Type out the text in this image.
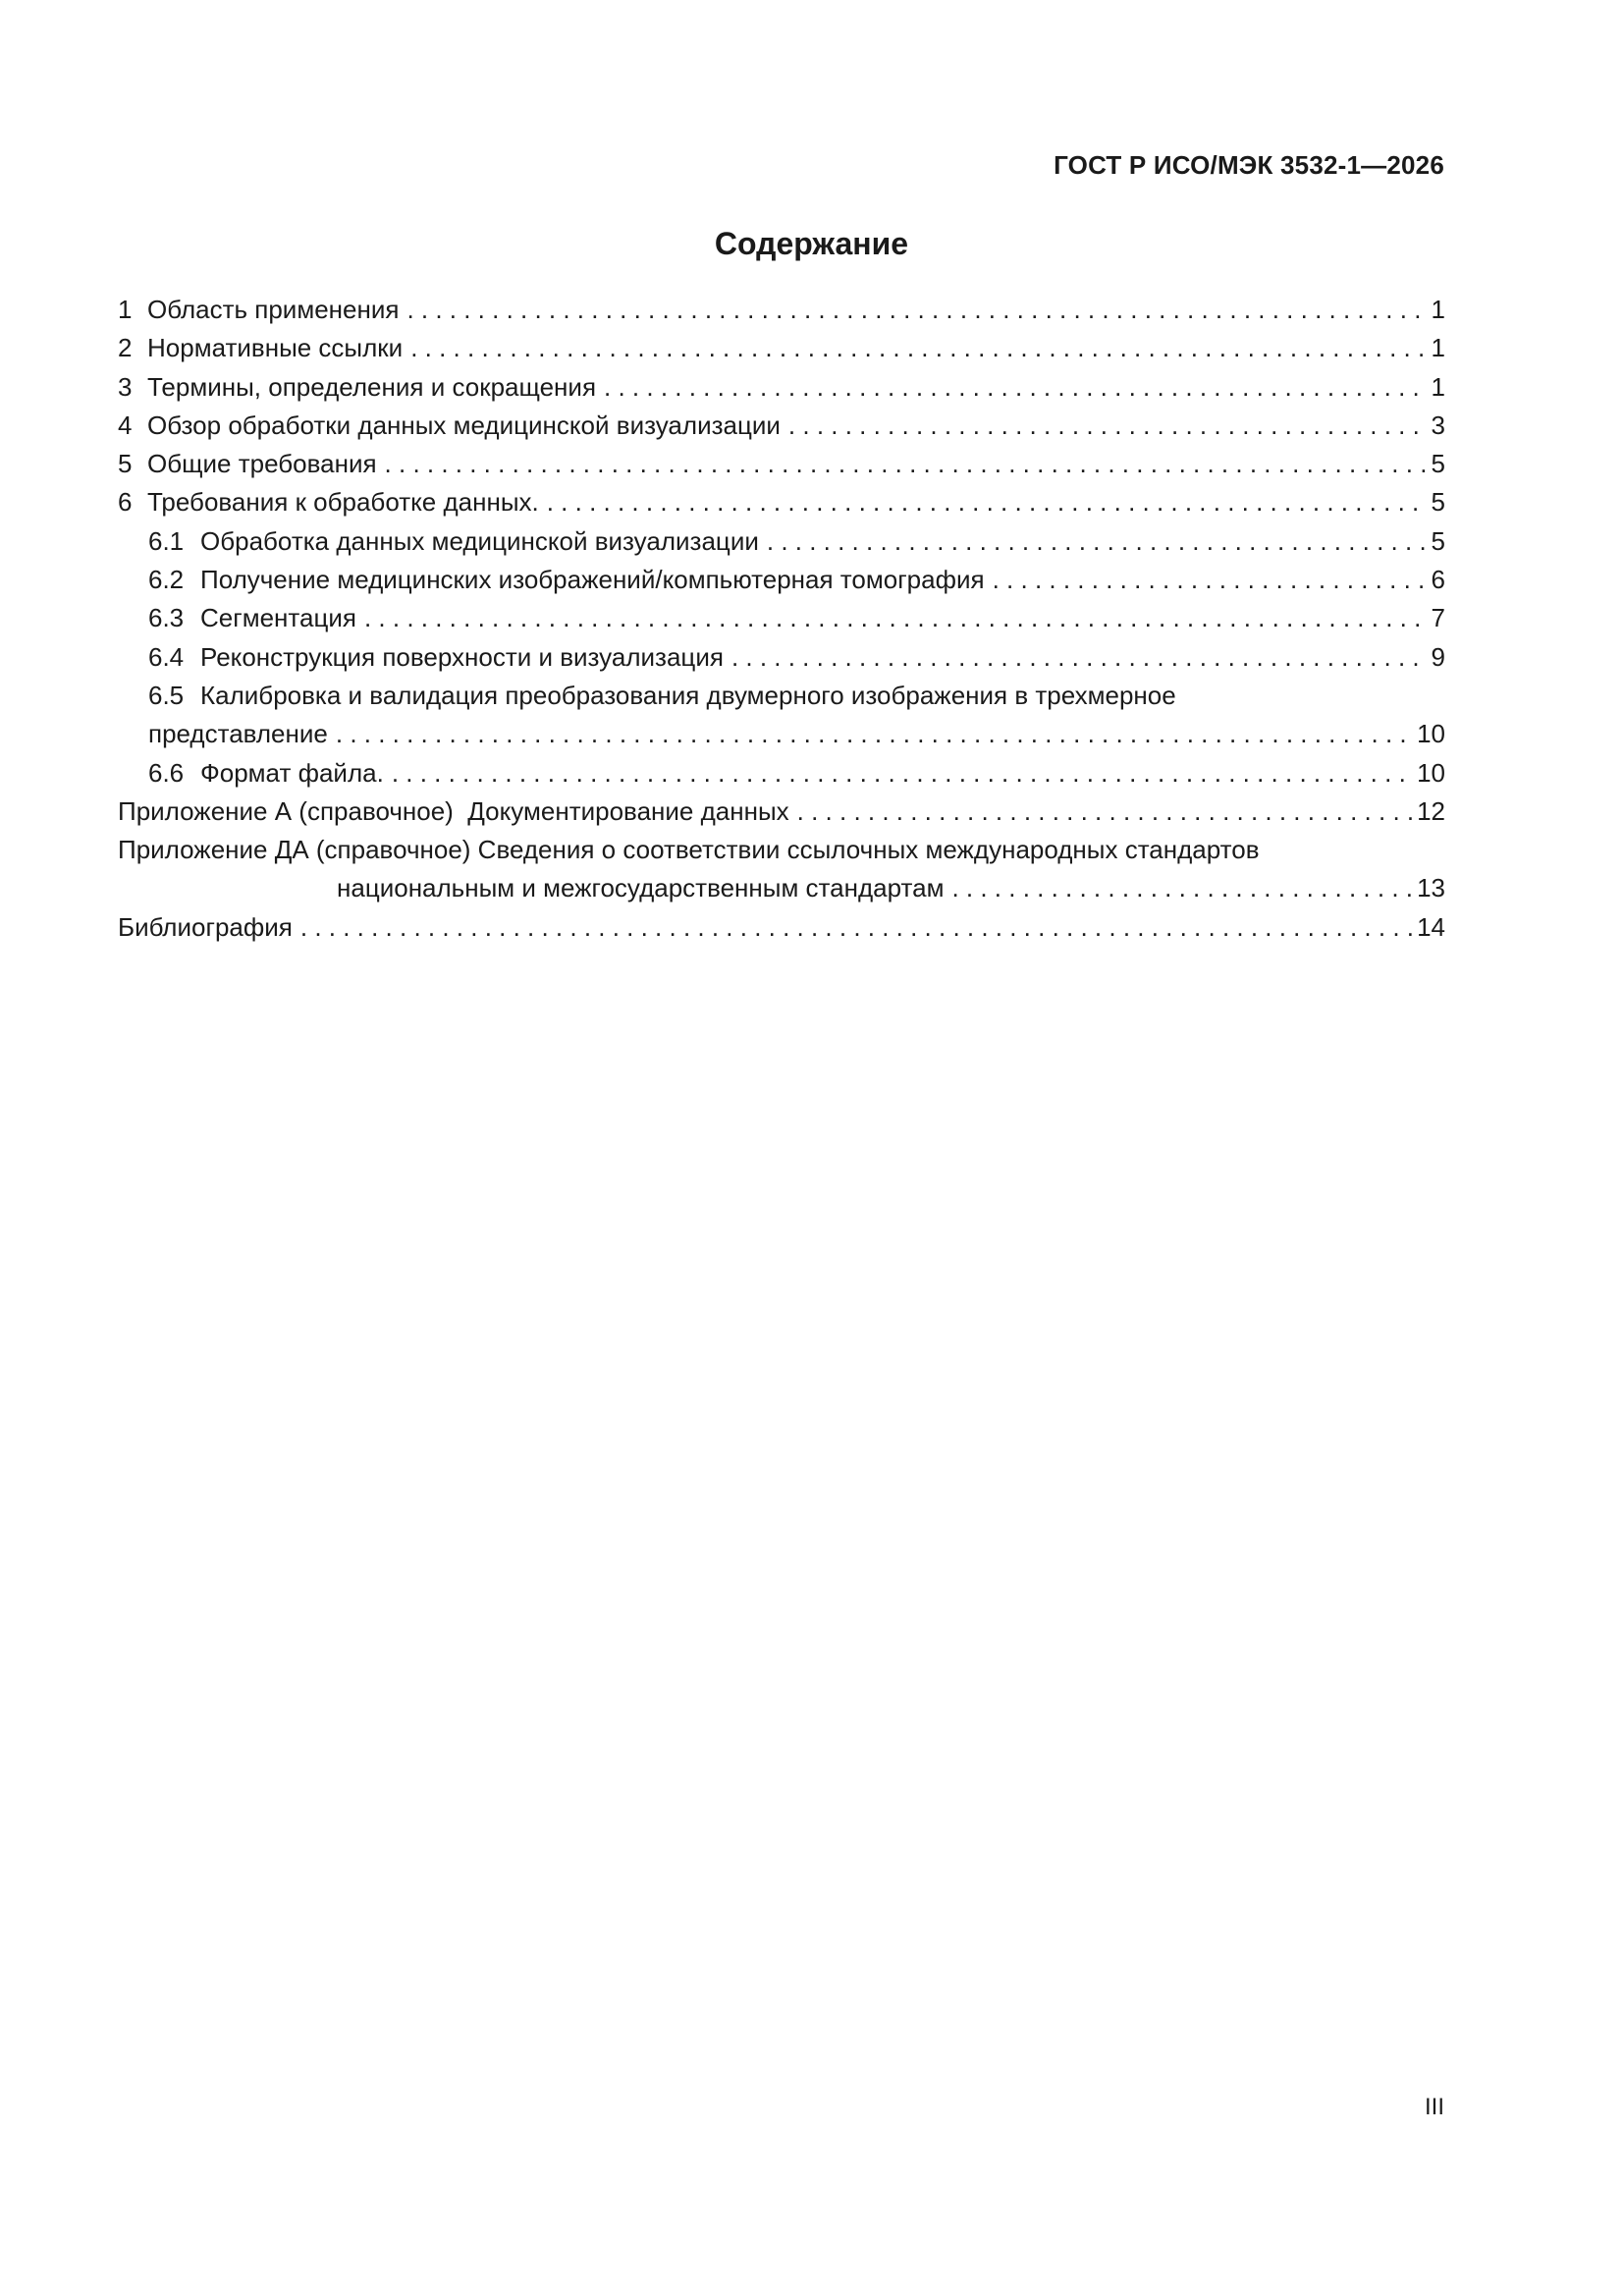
ГОСТ Р ИСО/МЭК 3532-1—2026
Содержание
1 Область применения . . .	1
2 Нормативные ссылки . . .	1
3 Термины, определения и сокращения . . .	1
4 Обзор обработки данных медицинской визуализации . . .	3
5 Общие требования . . .	5
6 Требования к обработке данных. . . .	5
6.1 Обработка данных медицинской визуализации . . .	5
6.2 Получение медицинских изображений/компьютерная томография . . .	6
6.3 Сегментация . . .	7
6.4 Реконструкция поверхности и визуализация . . .	9
6.5 Калибровка и валидация преобразования двумерного изображения в трехмерное
представление . . .	10
6.6 Формат файла. . . .	10
Приложение А (справочное)  Документирование данных . . .	12
Приложение ДА (справочное) Сведения о соответствии ссылочных международных стандартов
национальным и межгосударственным стандартам . . .	13
Библиография . . .	14
III
